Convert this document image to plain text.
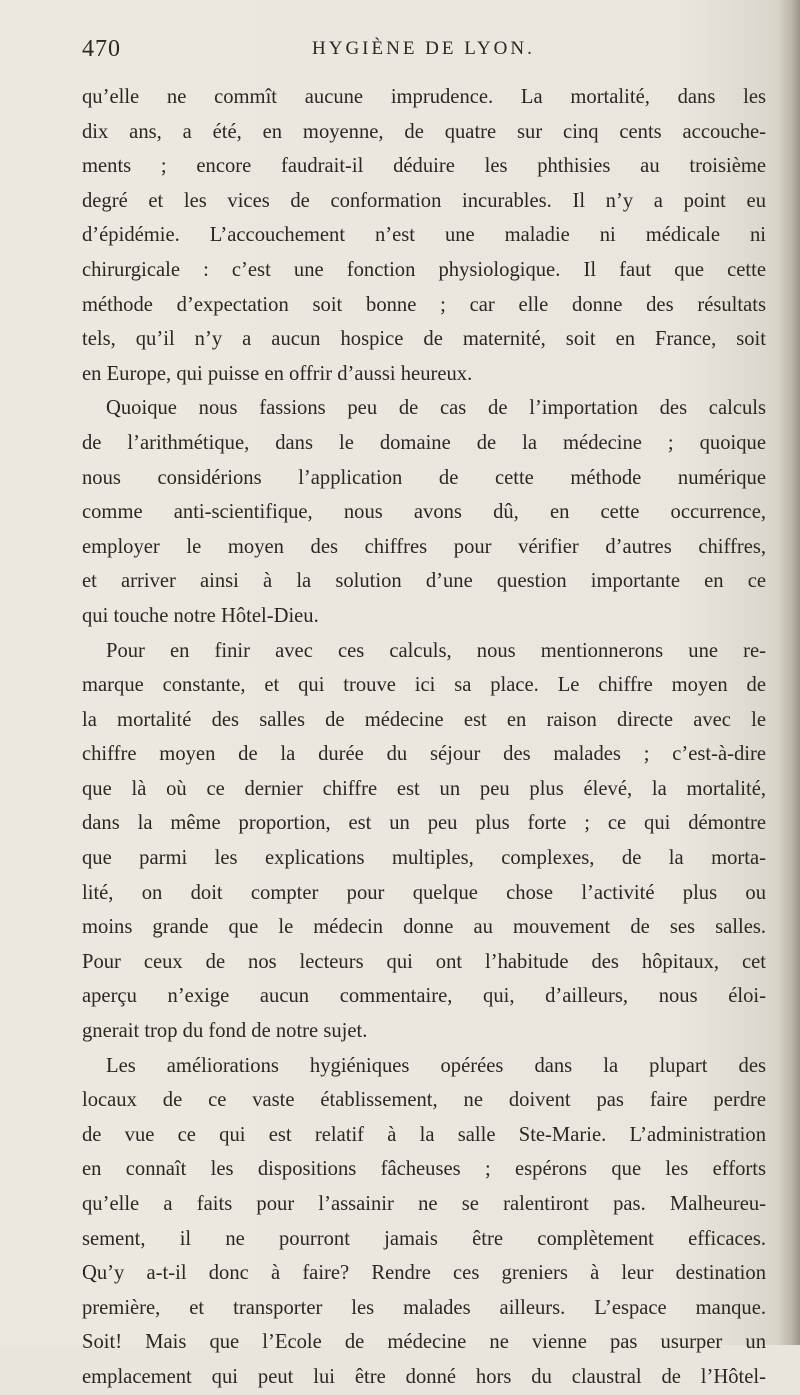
470	HYGIÈNE DE LYON.
qu’elle ne commît aucune imprudence. La mortalité, dans les
dix ans, a été, en moyenne, de quatre sur cinq cents accouche-
ments ; encore faudrait-il déduire les phthisies au troisième
degré et les vices de conformation incurables. Il n’y a point eu
d’épidémie. L’accouchement n’est une maladie ni médicale ni
chirurgicale : c’est une fonction physiologique. Il faut que cette
méthode d’expectation soit bonne ; car elle donne des résultats
tels, qu’il n’y a aucun hospice de maternité, soit en France, soit
en Europe, qui puisse en offrir d’aussi heureux.
Quoique nous fassions peu de cas de l’importation des calculs
de l’arithmétique, dans le domaine de la médecine ; quoique
nous considérions l’application de cette méthode numérique
comme anti-scientifique, nous avons dû, en cette occurrence,
employer le moyen des chiffres pour vérifier d’autres chiffres,
et arriver ainsi à la solution d’une question importante en ce
qui touche notre Hôtel-Dieu.
Pour en finir avec ces calculs, nous mentionnerons une re-
marque constante, et qui trouve ici sa place. Le chiffre moyen de
la mortalité des salles de médecine est en raison directe avec le
chiffre moyen de la durée du séjour des malades ; c’est-à-dire
que là où ce dernier chiffre est un peu plus élevé, la mortalité,
dans la même proportion, est un peu plus forte ; ce qui démontre
que parmi les explications multiples, complexes, de la morta-
lité, on doit compter pour quelque chose l’activité plus ou
moins grande que le médecin donne au mouvement de ses salles.
Pour ceux de nos lecteurs qui ont l’habitude des hôpitaux, cet
aperçu n’exige aucun commentaire, qui, d’ailleurs, nous éloi-
gnerait trop du fond de notre sujet.
Les améliorations hygiéniques opérées dans la plupart des
locaux de ce vaste établissement, ne doivent pas faire perdre
de vue ce qui est relatif à la salle Ste-Marie. L’administration
en connaît les dispositions fâcheuses ; espérons que les efforts
qu’elle a faits pour l’assainir ne se ralentiront pas. Malheureu-
sement, il ne pourront jamais être complètement efficaces.
Qu’y a-t-il donc à faire? Rendre ces greniers à leur destination
première, et transporter les malades ailleurs. L’espace manque.
Soit! Mais que l’Ecole de médecine ne vienne pas usurper un
emplacement qui peut lui être donné hors du claustral de l’Hôtel-
